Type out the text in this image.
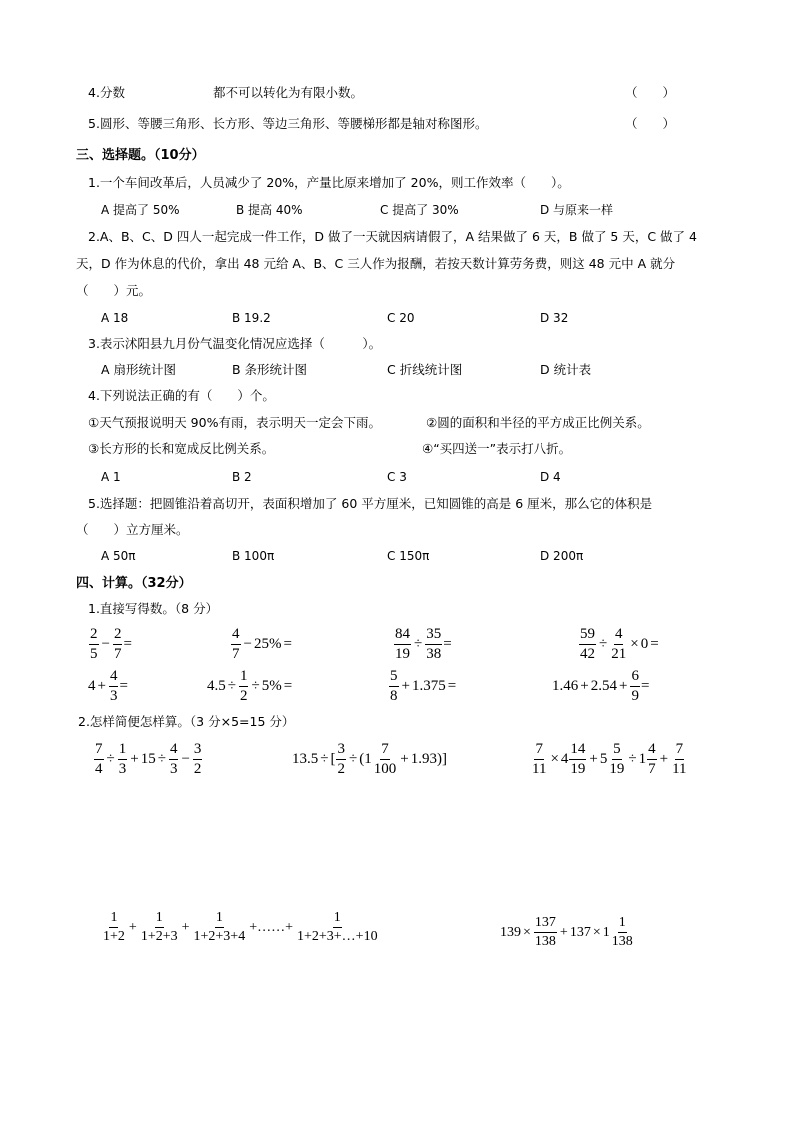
4.分数	都不可以转化为有限小数。	（　　）
5.圆形、等腰三角形、长方形、等边三角形、等腰梯形都是轴对称图形。	（　　）
三、选择题。（10分）
1.一个车间改革后，人员减少了 20%，产量比原来增加了 20%，则工作效率（　　）。
A 提高了 50%	B 提高 40%	C 提高了 30%	D 与原来一样
2.A、B、C、D 四人一起完成一件工作，D 做了一天就因病请假了，A 结果做了 6 天，B 做了 5 天，C 做了 4
天，D 作为休息的代价，拿出 48 元给 A、B、C 三人作为报酬，若按天数计算劳务费，则这 48 元中 A 就分
（　　）元。
A 18	B 19.2	C 20	D 32
3.表示沭阳县九月份气温变化情况应选择（　　　）。
A 扇形统计图	B 条形统计图	C 折线统计图	D 统计表
4.下列说法正确的有（　　）个。
①天气预报说明天 90%有雨，表示明天一定会下雨。	②圆的面积和半径的平方成正比例关系。
③长方形的长和宽成反比例关系。	④“买四送一”表示打八折。
A 1	B 2	C 3	D 4
5.选择题：把圆锥沿着高切开，表面积增加了 60 平方厘米，已知圆锥的高是 6 厘米，那么它的体积是
（　　）立方厘米。
A 50π	B 100π	C 150π	D 200π
四、计算。（32分）
1.直接写得数。（8 分）
$\frac{2}{5} - \frac{2}{7}$ =	$\frac{4}{7} - 25\%$ =	$\frac{84}{19} \div \frac{35}{38}$ =	$\frac{59}{42} \div \frac{4}{21} \times 0$ =
$4 + \frac{4}{3}$ =	$4.5 \div \frac{1}{2} \div 5\%$ =	$\frac{5}{8} + 1.375$ =	$1.46 + 2.54 + \frac{6}{9}$ =
2.怎样简便怎样算。（3 分×5=15 分）
$\frac{7}{4} \div \frac{1}{3} + 15 \div \frac{4}{3} - \frac{3}{2}$	13.5 ÷ [ $\frac{3}{2}$ ÷ ( $1 \frac{7}{100} + 1.93$ ) ]	$\frac{7}{11} \times 4 \frac{14}{19} + 5 \frac{5}{19} \div 1 \frac{4}{7} + \frac{7}{11}$
$\frac{1}{1+2} + \frac{1}{1+2+3} + \frac{1}{1+2+3+4}$ +……+ $\frac{1}{1+2+3+\dots+10}$	$139 \times \frac{137}{138} + 137 \times 1 \frac{1}{138}$
